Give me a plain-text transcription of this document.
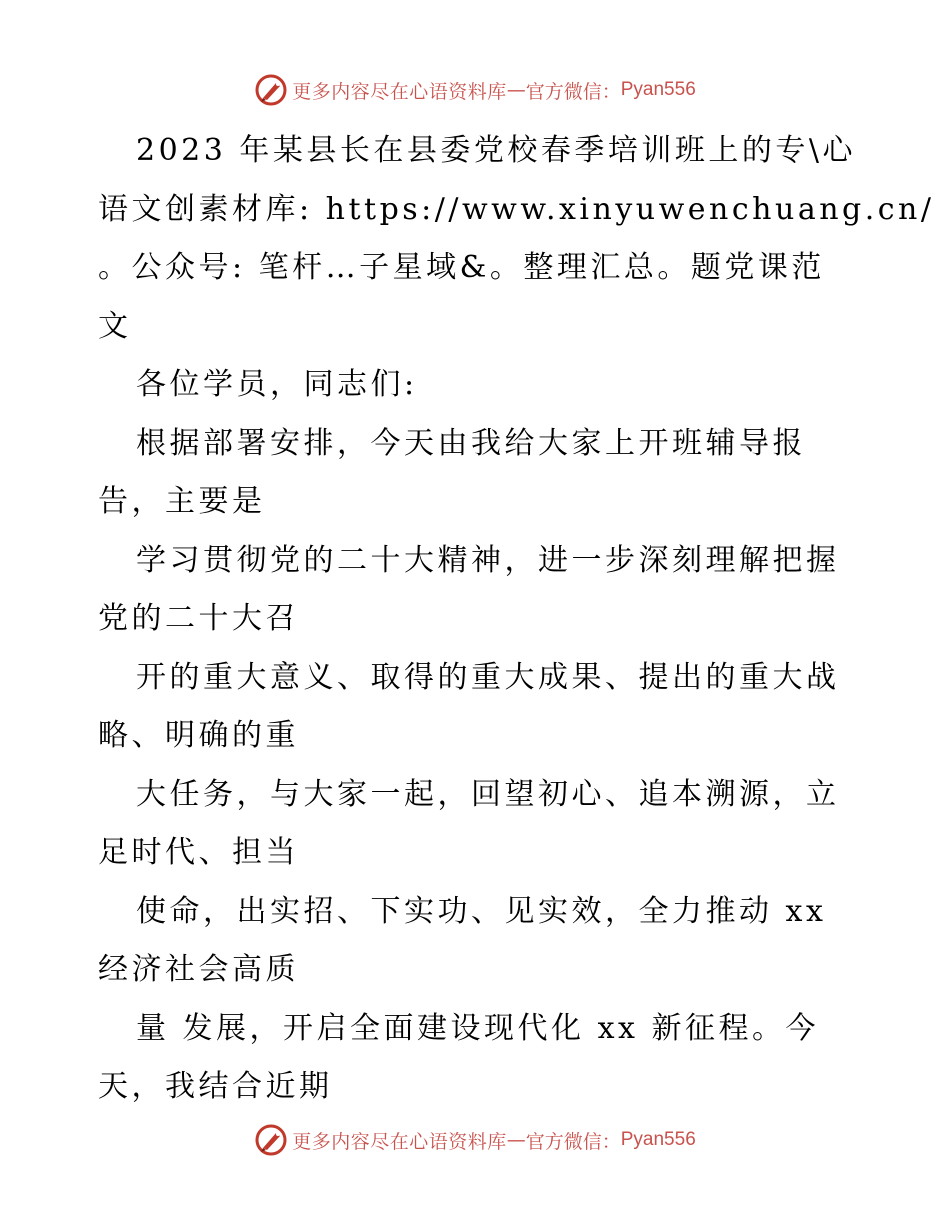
更多内容尽在心语资料库 — 官方微信： Pyan556
2023 年某县长在县委党校春季培训班上的专\心
语文创素材库: https://www.xinyuwenchuang.cn/
。公众号: 笔杆…子星域&。整理汇总。题党课范
文
各位学员，同志们:
根据部署安排，今天由我给大家上开班辅导报
告，主要是
学习贯彻党的二十大精神，进一步深刻理解把握
党的二十大召
开的重大意义、取得的重大成果、提出的重大战
略、明确的重
大任务，与大家一起，回望初心、追本溯源，立
足时代、担当
使命，出实招、下实功、见实效，全力推动 xx
经济社会高质
量 发展，开启全面建设现代化 xx 新征程。今
天，我结合近期
更多内容尽在心语资料库 — 官方微信： Pyan556
